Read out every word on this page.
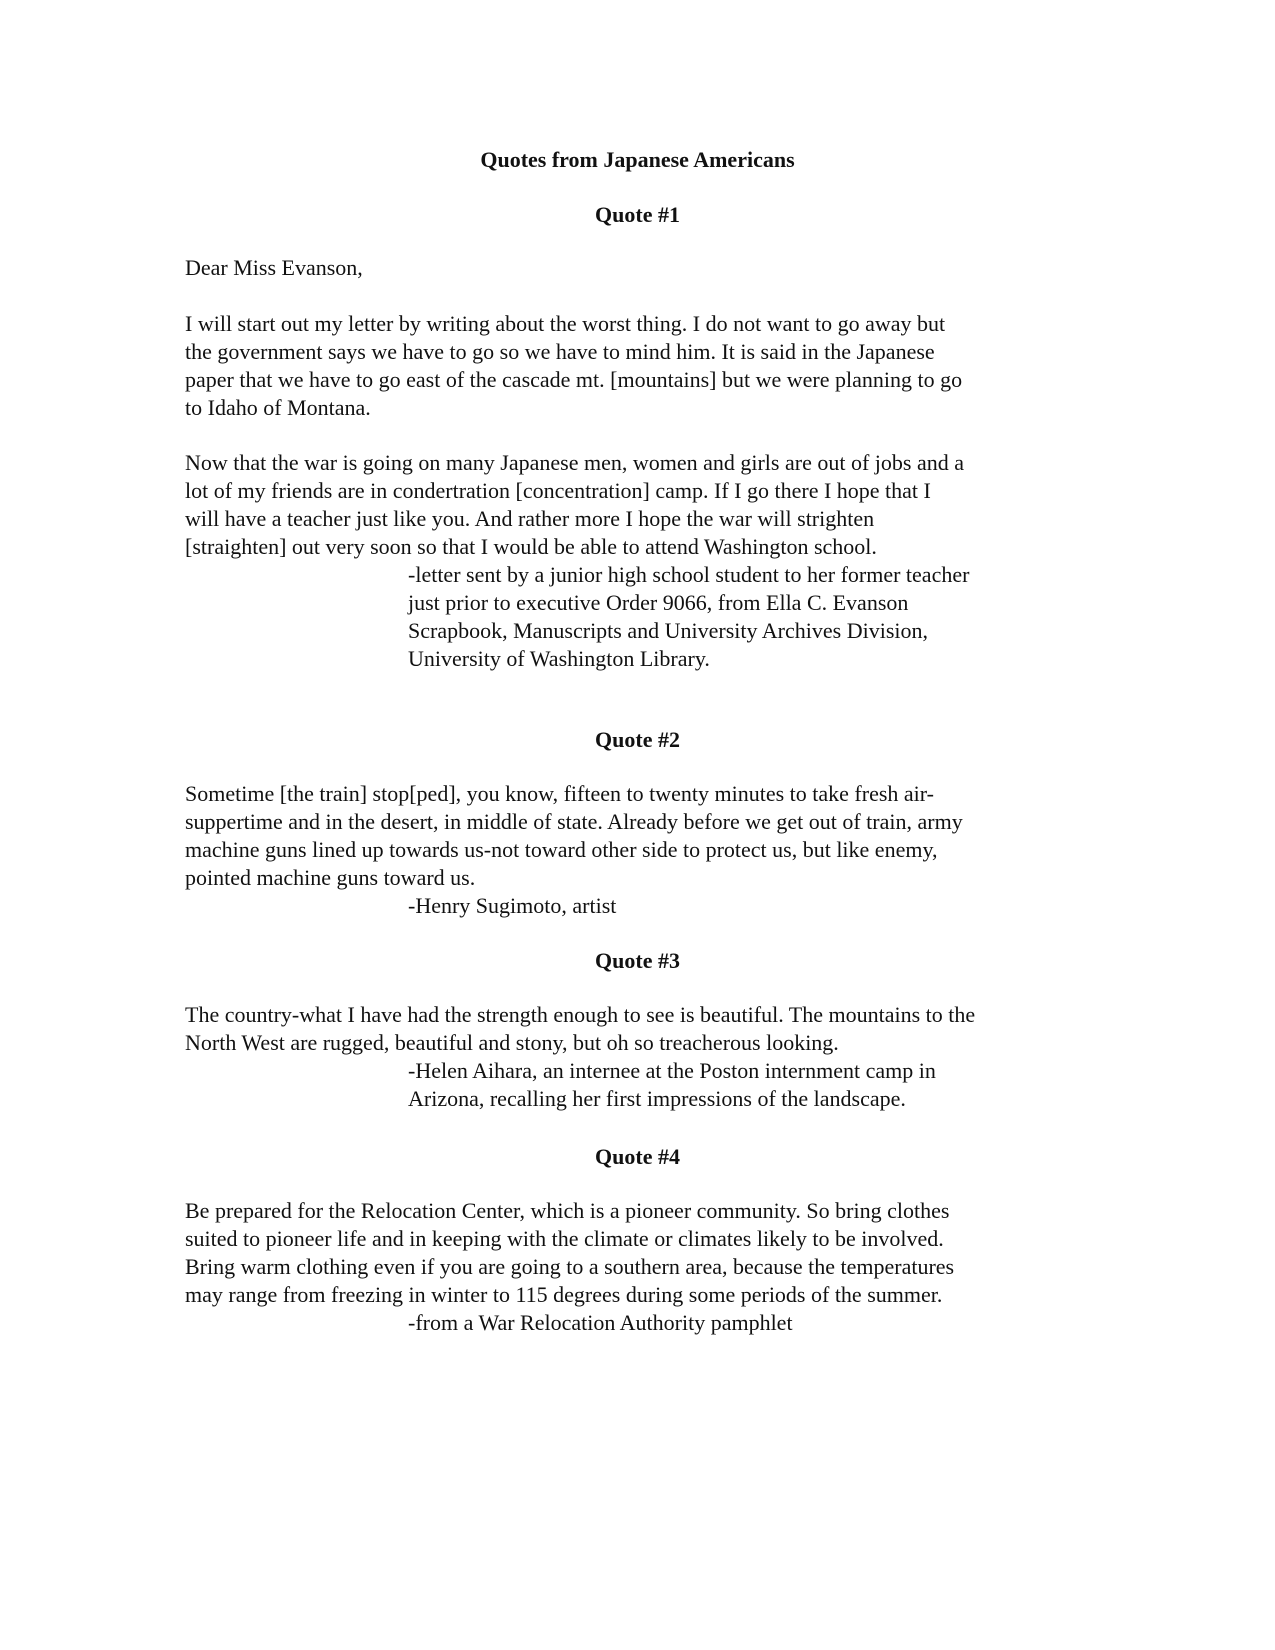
Quotes from Japanese Americans
Quote #1

Dear Miss Evanson,

I will start out my letter by writing about the worst thing. I do not want to go away but

the government says we have to go so we have to mind him. It is said in the Japanese

paper that we have to go east of the cascade mt. [mountains] but we were planning to go

to Idaho of Montana.

Now that the war is going on many Japanese men, women and girls are out of jobs and a

lot of my friends are in condertration [concentration] camp. If I go there I hope that I

will have a teacher just like you. And rather more I hope the war will strighten

[straighten] out very soon so that I would be able to attend Washington school.

-letter sent by a junior high school student to her former teacher

just prior to executive Order 9066, from Ella C. Evanson

Scrapbook, Manuscripts and University Archives Division,

University of Washington Library.

Quote #2

Sometime [the train] stop[ped], you know, fifteen to twenty minutes to take fresh air-

suppertime and in the desert, in middle of state. Already before we get out of train, army

machine guns lined up towards us-not toward other side to protect us, but like enemy,

pointed machine guns toward us.

-Henry Sugimoto, artist

Quote #3

The country-what I have had the strength enough to see is beautiful. The mountains to the

North West are rugged, beautiful and stony, but oh so treacherous looking.

-Helen Aihara, an internee at the Poston internment camp in

Arizona, recalling her first impressions of the landscape.

Quote #4

Be prepared for the Relocation Center, which is a pioneer community. So bring clothes

suited to pioneer life and in keeping with the climate or climates likely to be involved.

Bring warm clothing even if you are going to a southern area, because the temperatures

may range from freezing in winter to 115 degrees during some periods of the summer.

-from a War Relocation Authority pamphlet
